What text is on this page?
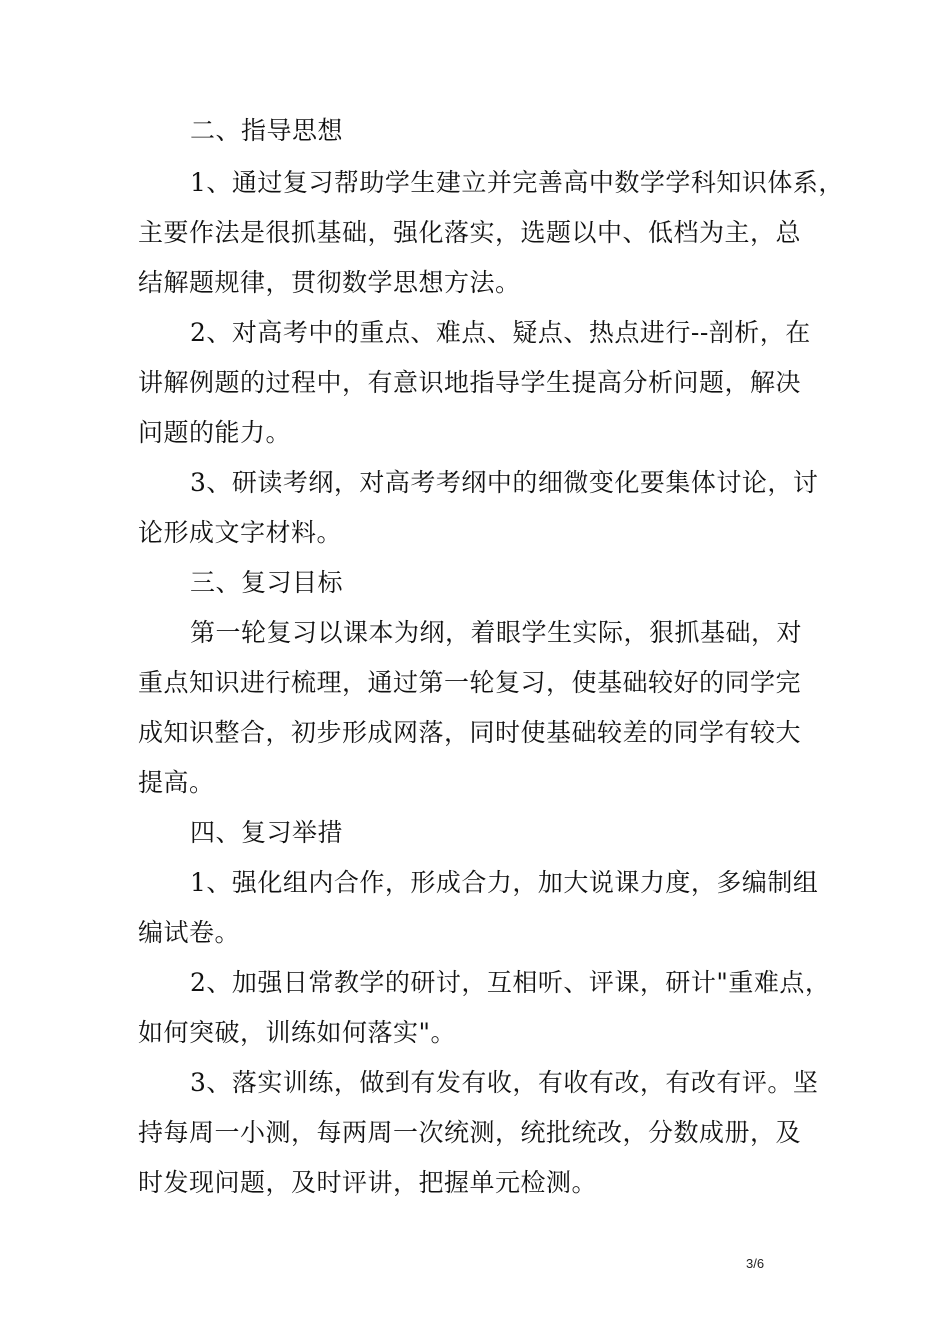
二、指导思想
1、通过复习帮助学生建立并完善高中数学学科知识体系，
主要作法是很抓基础，强化落实，选题以中、低档为主，总
结解题规律，贯彻数学思想方法。
2、对高考中的重点、难点、疑点、热点进行--剖析，在
讲解例题的过程中，有意识地指导学生提高分析问题，解决
问题的能力。
3、研读考纲，对高考考纲中的细微变化要集体讨论，讨
论形成文字材料。
三、复习目标
第一轮复习以课本为纲，着眼学生实际，狠抓基础，对
重点知识进行梳理，通过第一轮复习，使基础较好的同学完
成知识整合，初步形成网落，同时使基础较差的同学有较大
提高。
四、复习举措
1、强化组内合作，形成合力，加大说课力度，多编制组
编试卷。
2、加强日常教学的研讨，互相听、评课，研计"重难点，
如何突破，训练如何落实"。
3、落实训练，做到有发有收，有收有改，有改有评。坚
持每周一小测，每两周一次统测，统批统改，分数成册，及
时发现问题，及时评讲，把握单元检测。
3/6
